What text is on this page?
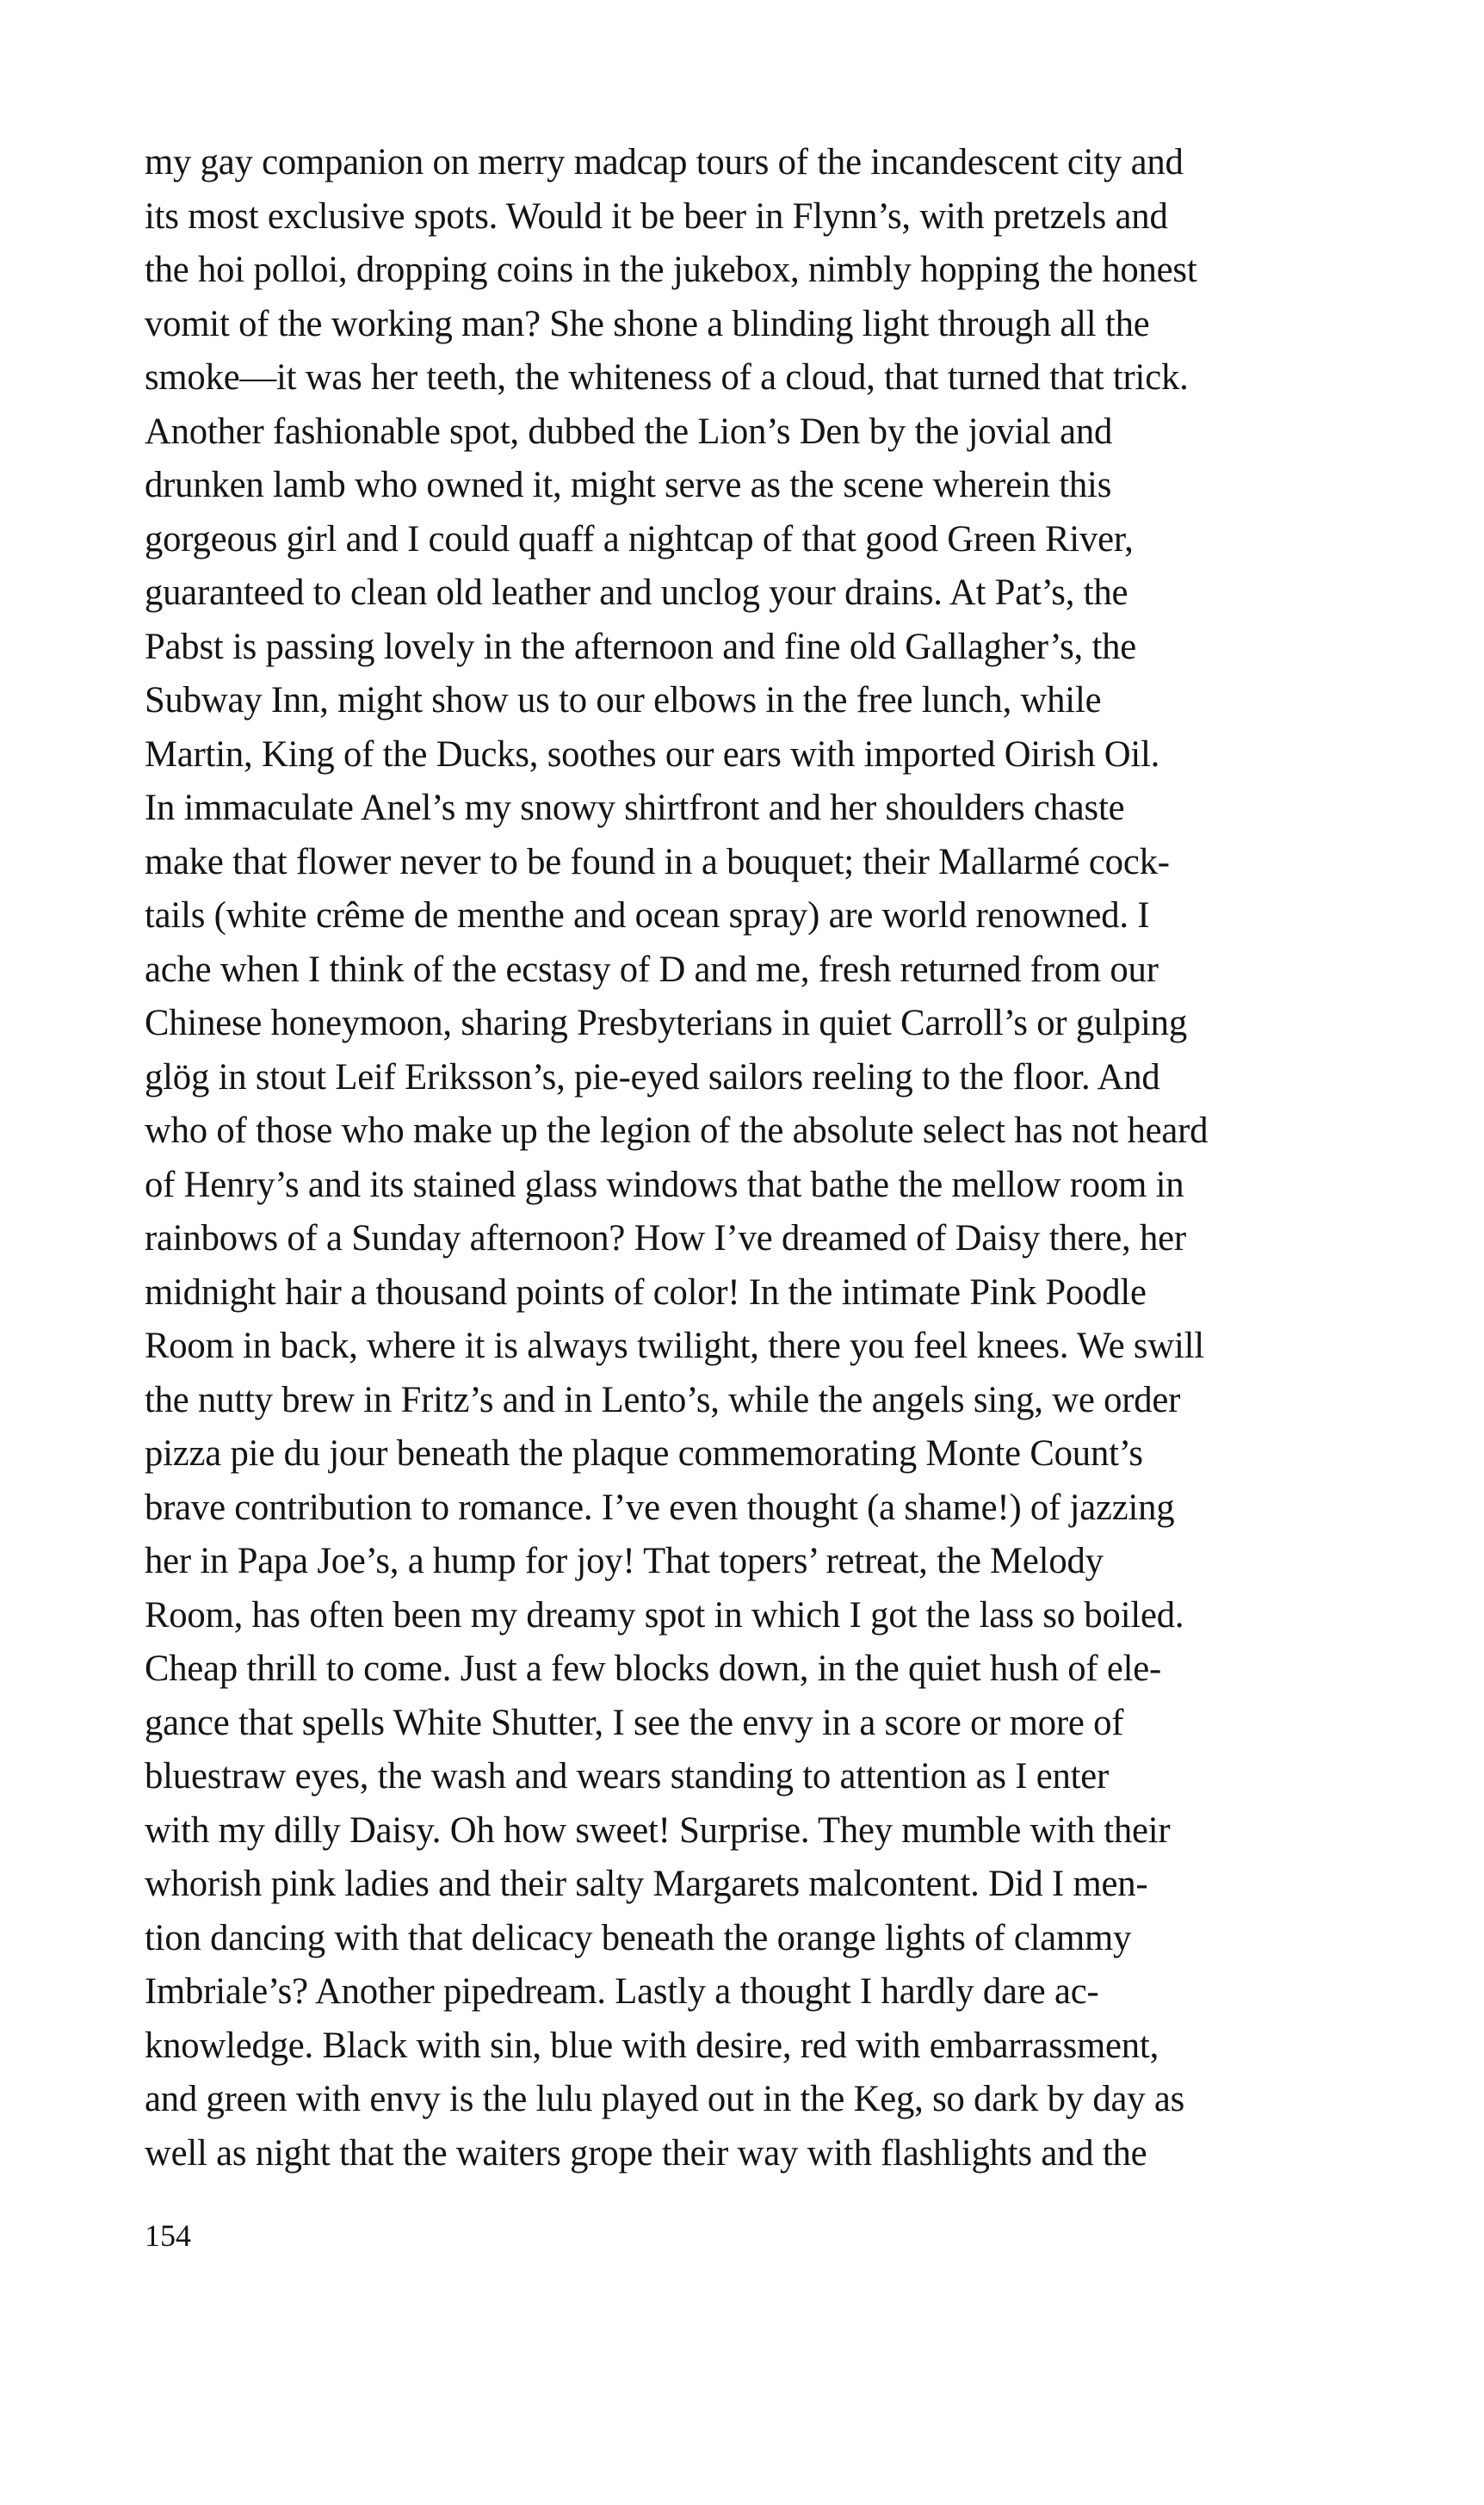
my gay companion on merry madcap tours of the incandescent city and
its most exclusive spots. Would it be beer in Flynn’s, with pretzels and
the hoi polloi, dropping coins in the jukebox, nimbly hopping the honest
vomit of the working man? She shone a blinding light through all the
smoke—it was her teeth, the whiteness of a cloud, that turned that trick.
Another fashionable spot, dubbed the Lion’s Den by the jovial and
drunken lamb who owned it, might serve as the scene wherein this
gorgeous girl and I could quaff a nightcap of that good Green River,
guaranteed to clean old leather and unclog your drains. At Pat’s, the
Pabst is passing lovely in the afternoon and fine old Gallagher’s, the
Subway Inn, might show us to our elbows in the free lunch, while
Martin, King of the Ducks, soothes our ears with imported Oirish Oil.
In immaculate Anel’s my snowy shirtfront and her shoulders chaste
make that flower never to be found in a bouquet; their Mallarmé cock-
tails (white crême de menthe and ocean spray) are world renowned. I
ache when I think of the ecstasy of D and me, fresh returned from our
Chinese honeymoon, sharing Presbyterians in quiet Carroll’s or gulping
glög in stout Leif Eriksson’s, pie-eyed sailors reeling to the floor. And
who of those who make up the legion of the absolute select has not heard
of Henry’s and its stained glass windows that bathe the mellow room in
rainbows of a Sunday afternoon? How I’ve dreamed of Daisy there, her
midnight hair a thousand points of color! In the intimate Pink Poodle
Room in back, where it is always twilight, there you feel knees. We swill
the nutty brew in Fritz’s and in Lento’s, while the angels sing, we order
pizza pie du jour beneath the plaque commemorating Monte Count’s
brave contribution to romance. I’ve even thought (a shame!) of jazzing
her in Papa Joe’s, a hump for joy! That topers’ retreat, the Melody
Room, has often been my dreamy spot in which I got the lass so boiled.
Cheap thrill to come. Just a few blocks down, in the quiet hush of ele-
gance that spells White Shutter, I see the envy in a score or more of
bluestraw eyes, the wash and wears standing to attention as I enter
with my dilly Daisy. Oh how sweet! Surprise. They mumble with their
whorish pink ladies and their salty Margarets malcontent. Did I men-
tion dancing with that delicacy beneath the orange lights of clammy
Imbriale’s? Another pipedream. Lastly a thought I hardly dare ac-
knowledge. Black with sin, blue with desire, red with embarrassment,
and green with envy is the lulu played out in the Keg, so dark by day as
well as night that the waiters grope their way with flashlights and the
154
